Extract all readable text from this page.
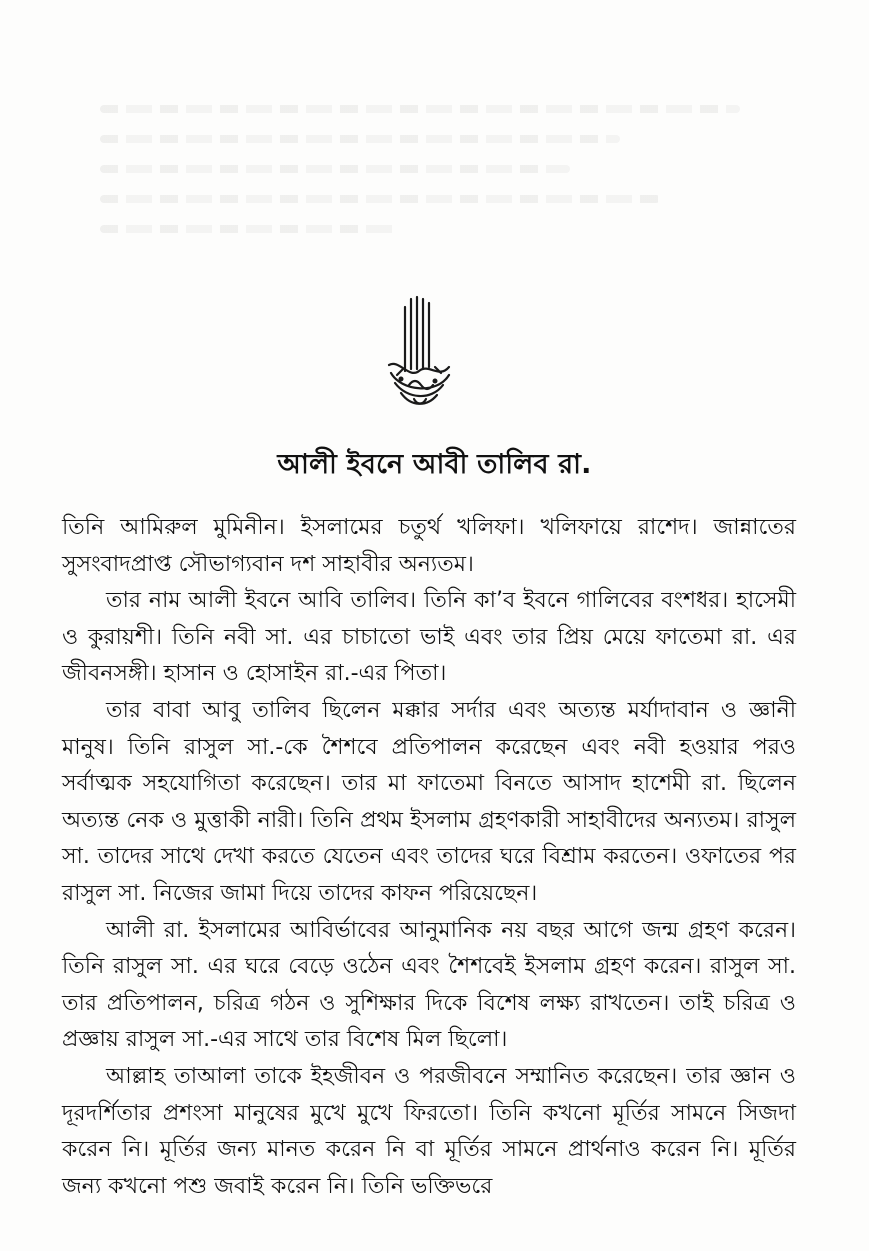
আলী ইবনে আবী তালিব রা.

তিনি আমিরুল মুমিনীন। ইসলামের চতুর্থ খলিফা। খলিফায়ে রাশেদ। জান্নাতের সুসংবাদপ্রাপ্ত সৌভাগ্যবান দশ সাহাবীর অন্যতম।

তার নাম আলী ইবনে আবি তালিব। তিনি কা’ব ইবনে গালিবের বংশধর। হাসেমী ও কুরায়শী। তিনি নবী সা. এর চাচাতো ভাই এবং তার প্রিয় মেয়ে ফাতেমা রা. এর জীবনসঙ্গী। হাসান ও হোসাইন রা.-এর পিতা।

তার বাবা আবু তালিব ছিলেন মক্কার সর্দার এবং অত্যন্ত মর্যাদাবান ও জ্ঞানী মানুষ। তিনি রাসুল সা.-কে শৈশবে প্রতিপালন করেছেন এবং নবী হওয়ার পরও সর্বাত্মক সহযোগিতা করেছেন। তার মা ফাতেমা বিনতে আসাদ হাশেমী রা. ছিলেন অত্যন্ত নেক ও মুত্তাকী নারী। তিনি প্রথম ইসলাম গ্রহণকারী সাহাবীদের অন্যতম। রাসুল সা. তাদের সাথে দেখা করতে যেতেন এবং তাদের ঘরে বিশ্রাম করতেন। ওফাতের পর রাসুল সা. নিজের জামা দিয়ে তাদের কাফন পরিয়েছেন।

আলী রা. ইসলামের আবির্ভাবের আনুমানিক নয় বছর আগে জন্ম গ্রহণ করেন। তিনি রাসুল সা. এর ঘরে বেড়ে ওঠেন এবং শৈশবেই ইসলাম গ্রহণ করেন। রাসুল সা. তার প্রতিপালন, চরিত্র গঠন ও সুশিক্ষার দিকে বিশেষ লক্ষ্য রাখতেন। তাই চরিত্র ও প্রজ্ঞায় রাসুল সা.-এর সাথে তার বিশেষ মিল ছিলো।

আল্লাহ তাআলা তাকে ইহজীবন ও পরজীবনে সম্মানিত করেছেন। তার জ্ঞান ও দূরদর্শিতার প্রশংসা মানুষের মুখে মুখে ফিরতো। তিনি কখনো মূর্তির সামনে সিজদা করেন নি। মূর্তির জন্য মানত করেন নি বা মূর্তির সামনে প্রার্থনাও করেন নি। মূর্তির জন্য কখনো পশু জবাই করেন নি। তিনি ভক্তিভরে
